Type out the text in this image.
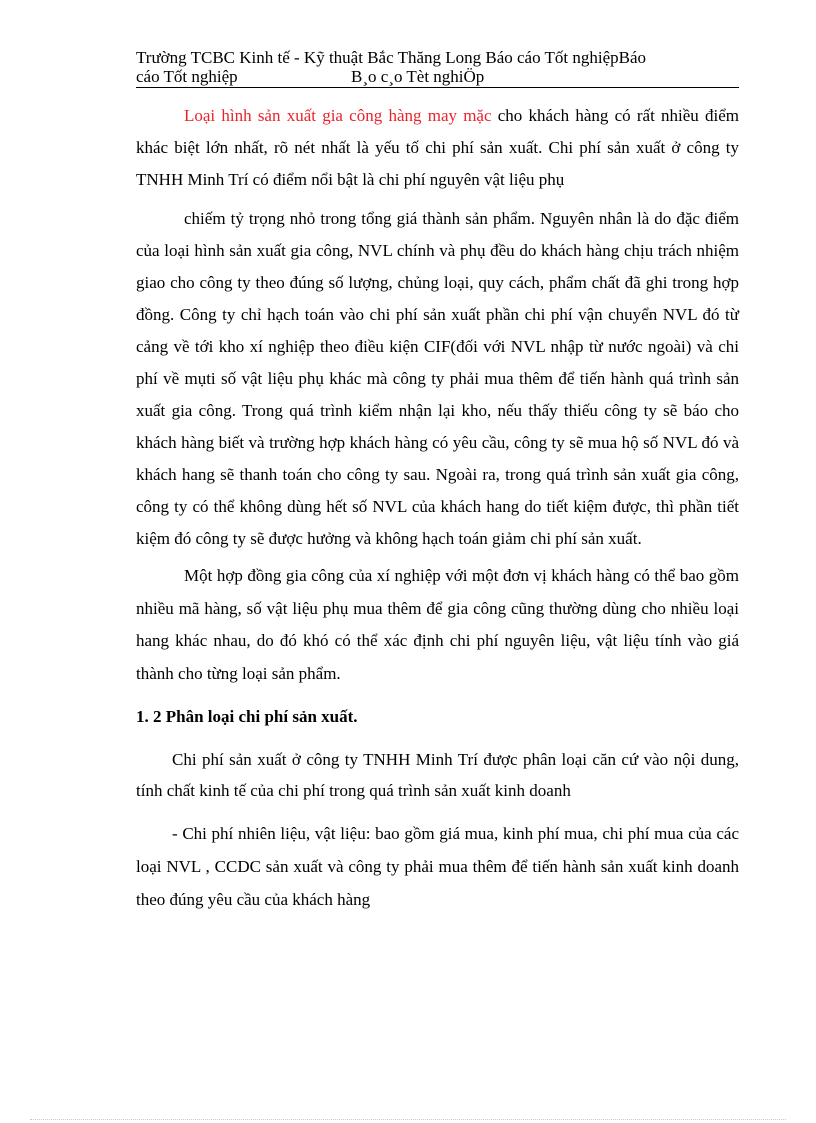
Trường TCBC Kinh tế - Kỹ thuật Bắc Thăng Long Báo cáo Tốt nghiệpBáo
cáo Tốt nghiệp	B¸o c¸o Tèt nghiÖp

Loại hình sản xuất gia công hàng may mặc cho khách hàng có rất nhiều điểm khác biệt lớn nhất, rõ nét nhất là yếu tố chi phí sản xuất. Chi phí sản xuất ở công ty TNHH Minh Trí có điểm nổi bật là chi phí nguyên vật liệu phụ

chiếm tỷ trọng nhỏ trong tổng giá thành sản phẩm. Nguyên nhân là do đặc điểm của loại hình sản xuất gia công, NVL chính và phụ đều do khách hàng chịu trách nhiệm giao cho công ty theo đúng số lượng, chủng loại, quy cách, phẩm chất đã ghi trong hợp đồng. Công ty chỉ hạch toán vào chi phí sản xuất phần chi phí vận chuyển NVL đó từ cảng về tới kho xí nghiệp theo điều kiện CIF(đối với NVL nhập từ nước ngoài) và chi phí về mụti số vật liệu phụ khác mà công ty phải mua thêm để tiến hành quá trình sản xuất gia công. Trong quá trình kiểm nhận lại kho, nếu thấy thiếu công ty sẽ báo cho khách hàng biết và trường hợp khách hàng có yêu cầu, công ty sẽ mua hộ số NVL đó và khách hang sẽ thanh toán cho công ty sau. Ngoài ra, trong quá trình sản xuất gia công, công ty có thể không dùng hết số NVL của khách hang do tiết kiệm được, thì phần tiết kiệm đó công ty sẽ được hưởng và không hạch toán giảm chi phí sản xuất.

Một hợp đồng gia công của xí nghiệp với một đơn vị khách hàng có thể bao gồm nhiều mã hàng, số vật liệu phụ mua thêm để gia công cũng thường dùng cho nhiều loại hang khác nhau, do đó khó có thể xác định chi phí nguyên liệu, vật liệu tính vào giá thành cho từng loại sản phẩm.

1. 2 Phân loại chi phí sản xuất.

Chi phí sản xuất ở công ty TNHH Minh Trí được phân loại căn cứ vào nội dung, tính chất kinh tế của chi phí trong quá trình sản xuất kinh doanh

- Chi phí nhiên liệu, vật liệu: bao gồm giá mua, kinh phí mua, chi phí mua của các loại NVL , CCDC sản xuất và công ty phải mua thêm để tiến hành sản xuất kinh doanh theo đúng yêu cầu của khách hàng
